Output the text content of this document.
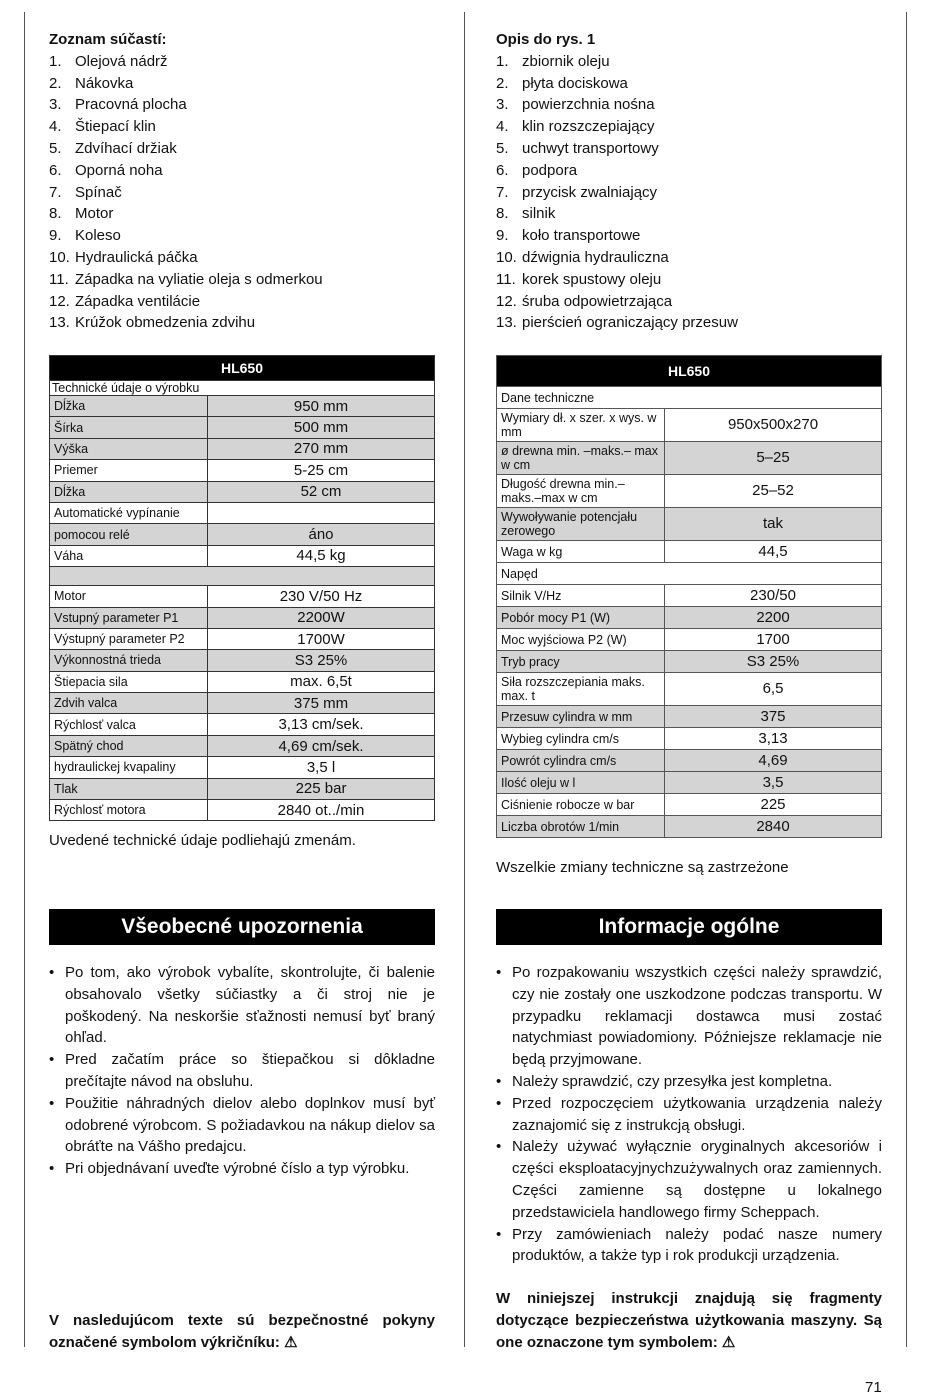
Zoznam súčastí:

1. Olejová nádrž
2. Nákovka
3. Pracovná plocha
4. Štiepací klin
5. Zdvíhací držiak
6. Oporná noha
7. Spínač
8. Motor
9. Koleso
10. Hydraulická páčka
11. Západka na vyliatie oleja s odmerkou
12. Západka ventilácie
13. Krúžok obmedzenia zdvihu
HL650	
Technické údaje o výrobku	
Dĺžka	950 mm
Šírka	500 mm
Výška	270 mm
Priemer	5-25 cm
Dĺžka	52 cm
Automatické vypínanie	
pomocou relé	áno
Váha	44,5 kg

Motor	230 V/50 Hz
Vstupný parameter P1	2200W
Výstupný parameter P2	1700W
Výkonnostná trieda	S3 25%
Štiepacia sila	max. 6,5t
Zdvih valca	375 mm
Rýchlosť valca	3,13 cm/sek.
Spätný chod	4,69 cm/sek.
hydraulickej kvapaliny	3,5 l
Tlak	225 bar
Rýchlosť motora	2840 ot../min
Uvedené technické údaje podliehajú zmenám.
Všeobecné upozornenia
• Po tom, ako výrobok vybalíte, skontrolujte, či balenie obsahovalo všetky súčiastky a či stroj nie je poškodený. Na neskoršie sťažnosti nemusí byť braný ohľad.
• Pred začatím práce so štiepačkou si dôkladne prečítajte návod na obsluhu.
• Použitie náhradných dielov alebo doplnkov musí byť odobrené výrobcom. S požiadavkou na nákup dielov sa obráťte na Vášho predajcu.
• Pri objednávaní uveďte výrobné číslo a typ výrobku.
V nasledujúcom texte sú bezpečnostné pokyny označené symbolom výkričníku: ⚠

Opis do rys. 1

1. zbiornik oleju
2. płyta dociskowa
3. powierzchnia nośna
4. klin rozszczepiający
5. uchwyt transportowy
6. podpora
7. przycisk zwalniający
8. silnik
9. koło transportowe
10. dźwignia hydrauliczna
11. korek spustowy oleju
12. śruba odpowietrzająca
13. pierścień ograniczający przesuw
HL650	
Dane techniczne	
Wymiary dł. x szer. x wys. w mm	950x500x270
ø drewna min. –maks.– max w cm	5–25
Długość drewna min.– maks.–max w cm	25–52
Wywoływanie potencjału zerowego	tak
Waga w kg	44,5
Napęd	
Silnik V/Hz	230/50
Pobór mocy P1 (W)	2200
Moc wyjściowa P2 (W)	1700
Tryb pracy	S3 25%
Siła rozszczepiania maks. max. t	6,5
Przesuw cylindra w mm	375
Wybieg cylindra cm/s	3,13
Powrót cylindra cm/s	4,69
Ilość oleju w l	3,5
Ciśnienie robocze w bar	225
Liczba obrotów 1/min	2840
Wszelkie zmiany techniczne są zastrzeżone
Informacje ogólne
• Po rozpakowaniu wszystkich części należy sprawdzić, czy nie zostały one uszkodzone podczas transportu. W przypadku reklamacji dostawca musi zostać natychmiast powiadomiony. Późniejsze reklamacje nie będą przyjmowane.
• Należy sprawdzić, czy przesyłka jest kompletna.
• Przed rozpoczęciem użytkowania urządzenia należy zaznajomić się z instrukcją obsługi.
• Należy używać wyłącznie oryginalnych akcesoriów i części eksploatacyjnychzużywalnych oraz zamiennych. Części zamienne są dostępne u lokalnego przedstawiciela handlowego firmy Scheppach.
• Przy zamówieniach należy podać nasze numery produktów, a także typ i rok produkcji urządzenia.
W niniejszej instrukcji znajdują się fragmenty dotyczące bezpieczeństwa użytkowania maszyny. Są one oznaczone tym symbolem: ⚠
71
